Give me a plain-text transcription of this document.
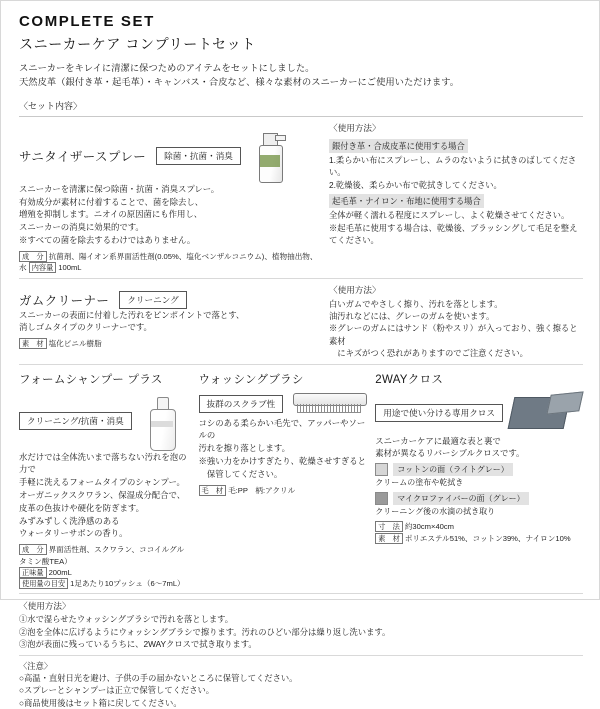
COMPLETE SET
スニーカーケア コンプリートセット
スニーカーをキレイに清潔に保つためのアイテムをセットにしました。
天然皮革（銀付き革・起毛革）・キャンバス・合皮など、様々な素材のスニーカーにご使用いただけます。
〈セット内容〉
サニタイザースプレー	除菌・抗菌・消臭
スニーカーを清潔に保つ除菌・抗菌・消臭スプレー。
有効成分が素材に付着することで、菌を除去し、
増殖を抑制します。ニオイの原因菌にも作用し、
スニーカーの消臭に効果的です。
※すべての菌を除去するわけではありません。
成　分 抗菌剤、陽イオン系界面活性剤(0.05%、塩化ベンザルコニウム)、植物抽出物、水 内容量 100mL
〈使用方法〉
銀付き革・合成皮革に使用する場合
1.柔らかい布にスプレーし、ムラのないように拭きのばしてください。
2.乾燥後、柔らかい布で乾拭きしてください。
起毛革・ナイロン・布地に使用する場合
全体が軽く濡れる程度にスプレーし、よく乾燥させてください。
※起毛革に使用する場合は、乾燥後、ブラッシングして毛足を整えてください。
ガムクリーナー	クリーニング
スニーカーの表面に付着した汚れをピンポイントで落とす、
消しゴムタイプのクリーナーです。
素　材 塩化ビニル樹脂
〈使用方法〉
白いガムでやさしく擦り、汚れを落とします。
油汚れなどには、グレーのガムを使います。
※グレーのガムにはサンド（粉やスリ）が入っており、強く擦ると素材
　にキズがつく恐れがありますのでご注意ください。
フォームシャンプー プラス
クリーニング/抗菌・消臭
水だけでは全体洗いまで落ちない汚れを泡の力で
手軽に洗えるフォームタイプのシャンプー。
オーガニックスクワラン、保湿成分配合で、
皮革の色抜けや硬化を防ぎます。
みずみずしく洗浄感のある
ウォータリーサボンの香り。
成　分 界面活性剤、スクワラン、ココイルグルタミン酸TEA）
正味量 200mL
使用量の目安 1足あたり10プッシュ（6〜7mL）
ウォッシングブラシ
抜群のスクラブ性
コシのある柔らかい毛先で、アッパーやソールの
汚れを擦り落とします。
※強い力をかけすぎたり、乾燥させすぎると
　保管してください。
毛　材 毛:PP　柄:アクリル
2WAYクロス
用途で使い分ける専用クロス
スニーカーケアに最適な表と裏で
素材が異なるリバーシブルクロスです。
コットンの面（ライトグレー）
クリームの塗布や乾拭き
マイクロファイバーの面（グレー）
クリーニング後の水滴の拭き取り
寸　法 約30cm×40cm
素　材 ポリエステル51%、コットン39%、ナイロン10%
〈使用方法〉
①水で湿らせたウォッシングブラシで汚れを落とします。
②泡を全体に広げるようにウォッシングブラシで擦ります。汚れのひどい部分は繰り返し洗います。
③泡が表面に残っているうちに、2WAYクロスで拭き取ります。
〈注意〉
○高温・直射日光を避け、子供の手の届かないところに保管してください。
○スプレーとシャンプーは正立で保管してください。
○商品使用後はセット箱に戻してください。
